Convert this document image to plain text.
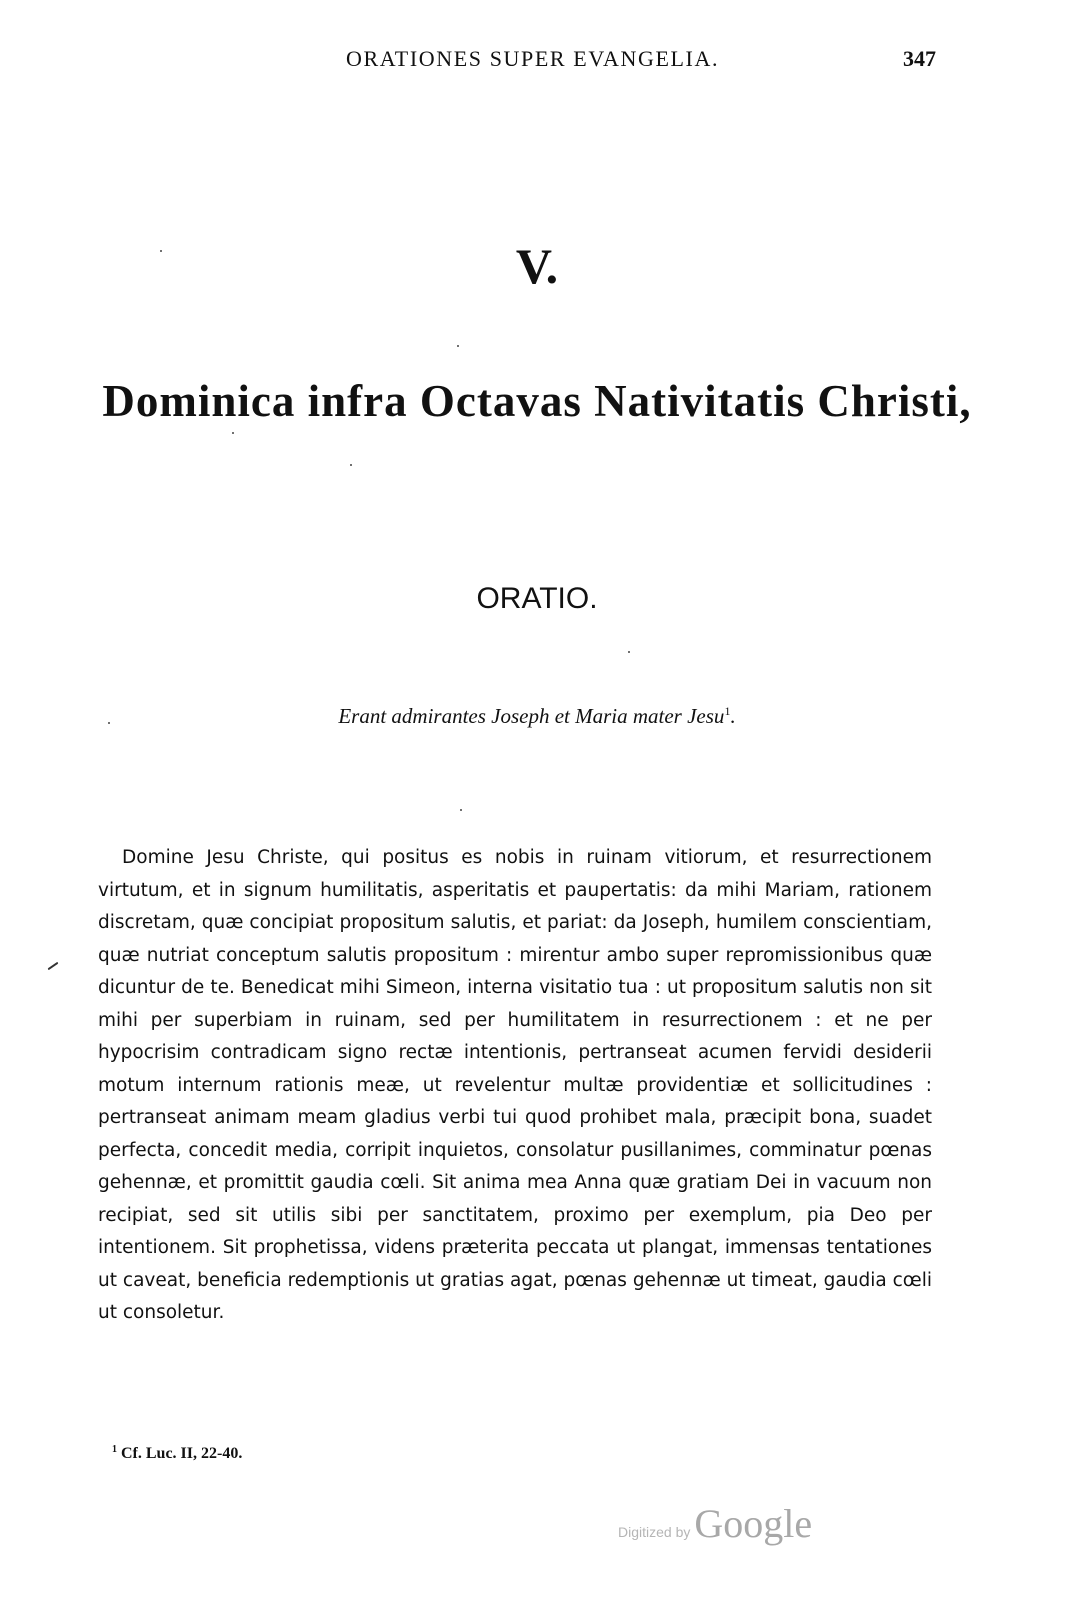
ORATIONES SUPER EVANGELIA.	347
V.
Dominica infra Octavas Nativitatis Christi,
ORATIO.
Erant admirantes Joseph et Maria mater Jesu$^1$.

Domine Jesu Christe, qui positus es nobis in ruinam vitiorum, et resurrectionem virtutum, et in signum humilitatis, asperitatis et paupertatis: da mihi Mariam, rationem discretam, quæ concipiat propositum salutis, et pariat: da Joseph, humilem conscientiam, quæ nutriat conceptum salutis propositum : mirentur ambo super repromissionibus quæ dicuntur de te. Benedicat mihi Simeon, interna visitatio tua : ut propositum salutis non sit mihi per superbiam in ruinam, sed per humilitatem in resurrectionem : et ne per hypocrisim contradicam signo rectæ intentionis, pertranseat acumen fervidi desiderii motum internum rationis meæ, ut revelentur multæ providentiæ et sollicitudines : pertranseat animam meam gladius verbi tui quod prohibet mala, præcipit bona, suadet perfecta, concedit media, corripit inquietos, consolatur pusillanimes, comminatur pœnas gehennæ, et promittit gaudia cœli. Sit anima mea Anna quæ gratiam Dei in vacuum non recipiat, sed sit utilis sibi per sanctitatem, proximo per exemplum, pia Deo per intentionem. Sit prophetissa, videns præterita peccata ut plangat, immensas tentationes ut caveat, beneficia redemptionis ut gratias agat, pœnas gehennæ ut timeat, gaudia cœli ut consoletur.

$^1$ Cf. Luc. II, 22-40.
Digitized by Google
